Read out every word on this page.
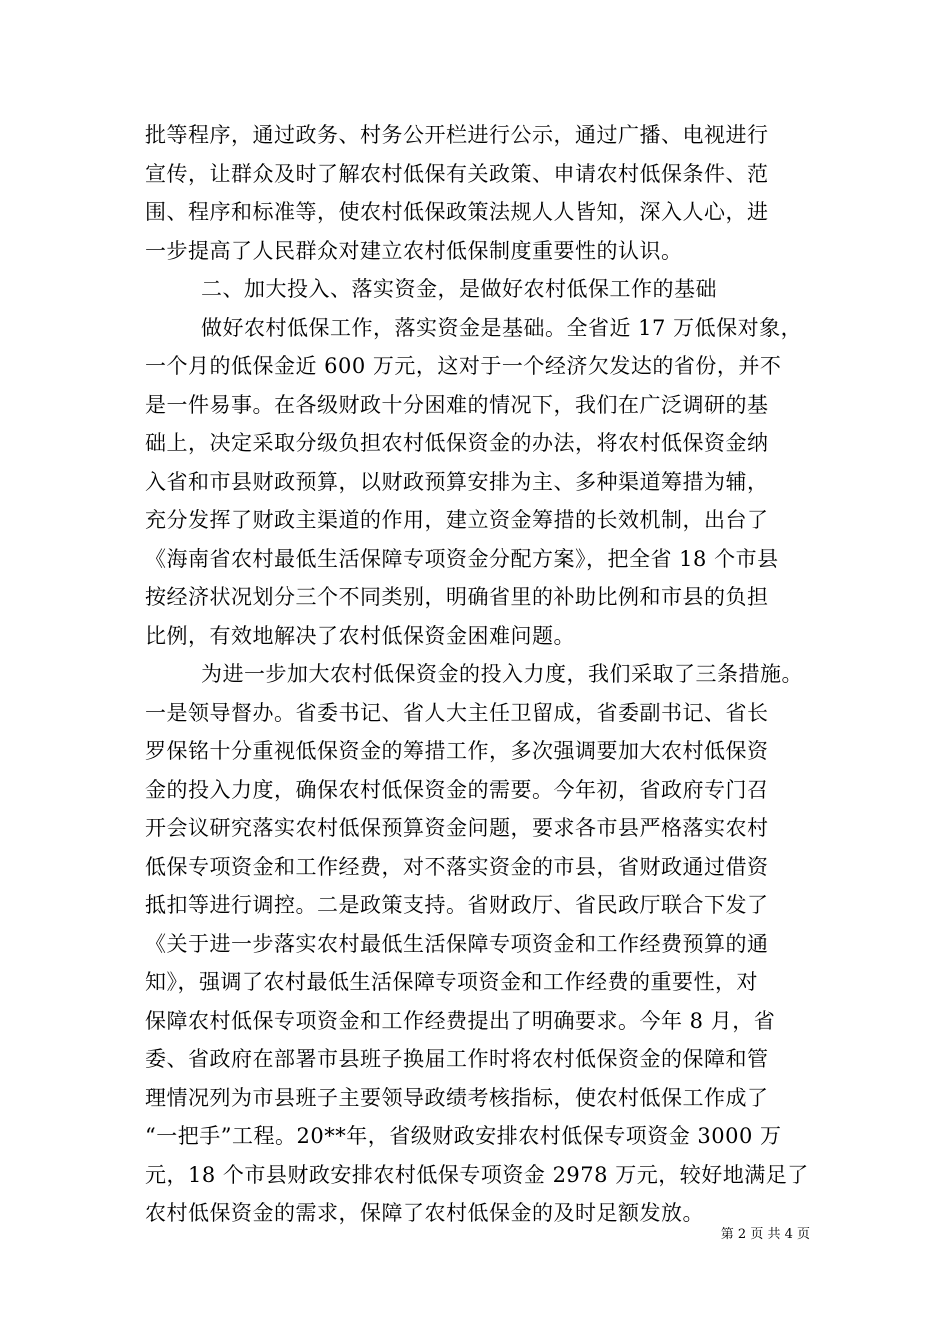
批等程序，通过政务、村务公开栏进行公示，通过广播、电视进行
宣传，让群众及时了解农村低保有关政策、申请农村低保条件、范
围、程序和标准等，使农村低保政策法规人人皆知，深入人心，进
一步提高了人民群众对建立农村低保制度重要性的认识。
二、加大投入、落实资金，是做好农村低保工作的基础
做好农村低保工作，落实资金是基础。全省近 17 万低保对象，
一个月的低保金近 600 万元，这对于一个经济欠发达的省份，并不
是一件易事。在各级财政十分困难的情况下，我们在广泛调研的基
础上，决定采取分级负担农村低保资金的办法，将农村低保资金纳
入省和市县财政预算，以财政预算安排为主、多种渠道筹措为辅，
充分发挥了财政主渠道的作用，建立资金筹措的长效机制，出台了
《海南省农村最低生活保障专项资金分配方案》，把全省 18 个市县
按经济状况划分三个不同类别，明确省里的补助比例和市县的负担
比例，有效地解决了农村低保资金困难问题。
为进一步加大农村低保资金的投入力度，我们采取了三条措施。
一是领导督办。省委书记、省人大主任卫留成，省委副书记、省长
罗保铭十分重视低保资金的筹措工作，多次强调要加大农村低保资
金的投入力度，确保农村低保资金的需要。今年初，省政府专门召
开会议研究落实农村低保预算资金问题，要求各市县严格落实农村
低保专项资金和工作经费，对不落实资金的市县，省财政通过借资
抵扣等进行调控。二是政策支持。省财政厅、省民政厅联合下发了
《关于进一步落实农村最低生活保障专项资金和工作经费预算的通
知》，强调了农村最低生活保障专项资金和工作经费的重要性，对
保障农村低保专项资金和工作经费提出了明确要求。今年 8 月，省
委、省政府在部署市县班子换届工作时将农村低保资金的保障和管
理情况列为市县班子主要领导政绩考核指标，使农村低保工作成了
“一把手”工程。20**年，省级财政安排农村低保专项资金 3000 万
元，18 个市县财政安排农村低保专项资金 2978 万元，较好地满足了
农村低保资金的需求，保障了农村低保金的及时足额发放。
第 2 页 共 4 页
